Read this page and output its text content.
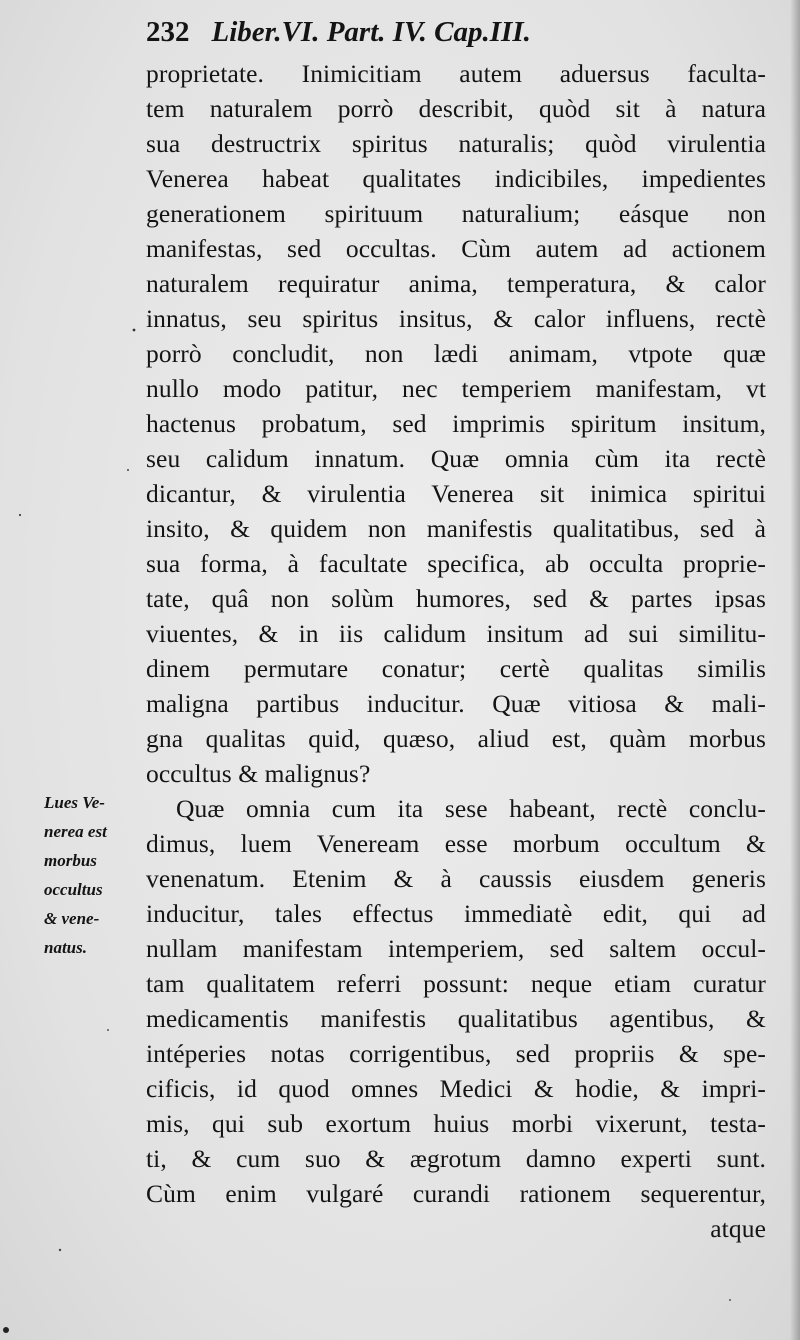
232 Liber.VI. Part. IV. Cap.III.
proprietate. Inimicitiam autem aduersus faculta-
tem naturalem porrò describit, quòd sit à natura
sua destructrix spiritus naturalis; quòd virulentia
Venerea habeat qualitates indicibiles, impedientes
generationem spirituum naturalium; eásque non
manifestas, sed occultas. Cùm autem ad actionem
naturalem requiratur anima, temperatura, & calor
innatus, seu spiritus insitus, & calor influens, rectè
porrò concludit, non lædi animam, vtpote quæ
nullo modo patitur, nec temperiem manifestam, vt
hactenus probatum, sed imprimis spiritum insitum,
seu calidum innatum. Quæ omnia cùm ita rectè
dicantur, & virulentia Venerea sit inimica spiritui
insito, & quidem non manifestis qualitatibus, sed à
sua forma, à facultate specifica, ab occulta proprie-
tate, quâ non solùm humores, sed & partes ipsas
viuentes, & in iis calidum insitum ad sui similitu-
dinem permutare conatur; certè qualitas similis
maligna partibus inducitur. Quæ vitiosa & mali-
gna qualitas quid, quæso, aliud est, quàm morbus
occultus & malignus?
Quæ omnia cum ita sese habeant, rectè conclu-
dimus, luem Veneream esse morbum occultum &
venenatum. Etenim & à caussis eiusdem generis
inducitur, tales effectus immediatè edit, qui ad
nullam manifestam intemperiem, sed saltem occul-
tam qualitatem referri possunt: neque etiam curatur
medicamentis manifestis qualitatibus agentibus, &
intéperies notas corrigentibus, sed propriis & spe-
cificis, id quod omnes Medici & hodie, & impri-
mis, qui sub exortum huius morbi vixerunt, testa-
ti, & cum suo & ægrotum damno experti sunt.
Cùm enim vulgaré curandi rationem sequerentur,
atque
Lues Ve-
nerea est
morbus
occultus
& vene-
natus.
